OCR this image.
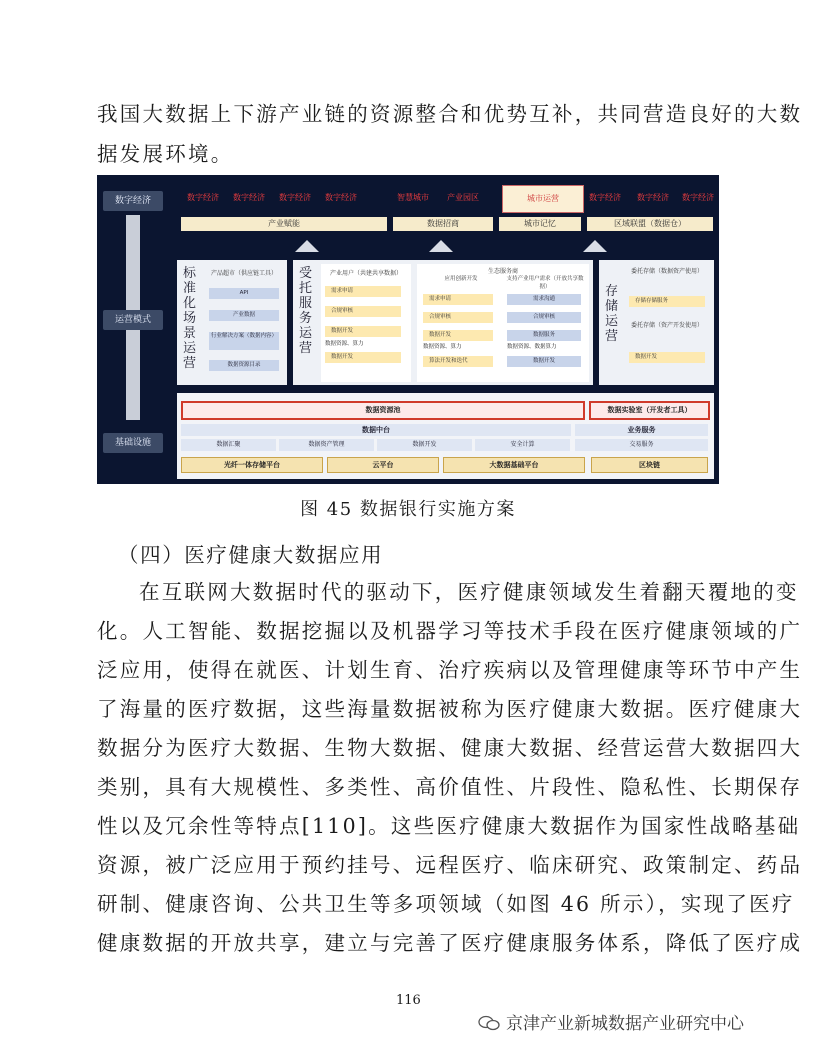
我国大数据上下游产业链的资源整合和优势互补，共同营造良好的大数
据发展环境。
数字经济
运营模式
基础设施
数字经济 数字经济 数字经济 数字经济	智慧城市 产业园区	城市运营	数字经济 数字经济 数字经济
产业赋能	数据招商	城市记忆	区域联盟（数据仓）
标准化场景运营
产品超市（供应链工具）
API
产业数据
行业解决方案（数据内容）
数据资源目录
受托服务运营
产业用户（共建共享数据）
需求申请
合规审核
数据开发
数据资源、算力
数据开发
生态服务商
应用创新开发	支持产业用户需求（开放共享数据）
需求申请
合规审核
数据开发
数据资源、算力
算法开发和迭代
需求沟通
合规审核
数据服务
数据资源、数据算力
数据开发
存储运营
委托存储（数据资产使用）
存储存储服务
委托存储（资产开发使用）
数据开发
数据资源池	数据实验室（开发者工具）
数据中台	业务服务
数据汇聚	数据资产管理	数据开发	安全计算	交易服务
光纤一体存储平台	云平台	大数据基础平台	区块链
图 45 数据银行实施方案
（四）医疗健康大数据应用
在互联网大数据时代的驱动下，医疗健康领域发生着翻天覆地的变
化。人工智能、数据挖掘以及机器学习等技术手段在医疗健康领域的广
泛应用，使得在就医、计划生育、治疗疾病以及管理健康等环节中产生
了海量的医疗数据，这些海量数据被称为医疗健康大数据。医疗健康大
数据分为医疗大数据、生物大数据、健康大数据、经营运营大数据四大
类别，具有大规模性、多类性、高价值性、片段性、隐私性、长期保存
性以及冗余性等特点[110]。这些医疗健康大数据作为国家性战略基础
资源，被广泛应用于预约挂号、远程医疗、临床研究、政策制定、药品
研制、健康咨询、公共卫生等多项领域（如图 46 所示），实现了医疗
健康数据的开放共享，建立与完善了医疗健康服务体系，降低了医疗成
116
京津产业新城数据产业研究中心
